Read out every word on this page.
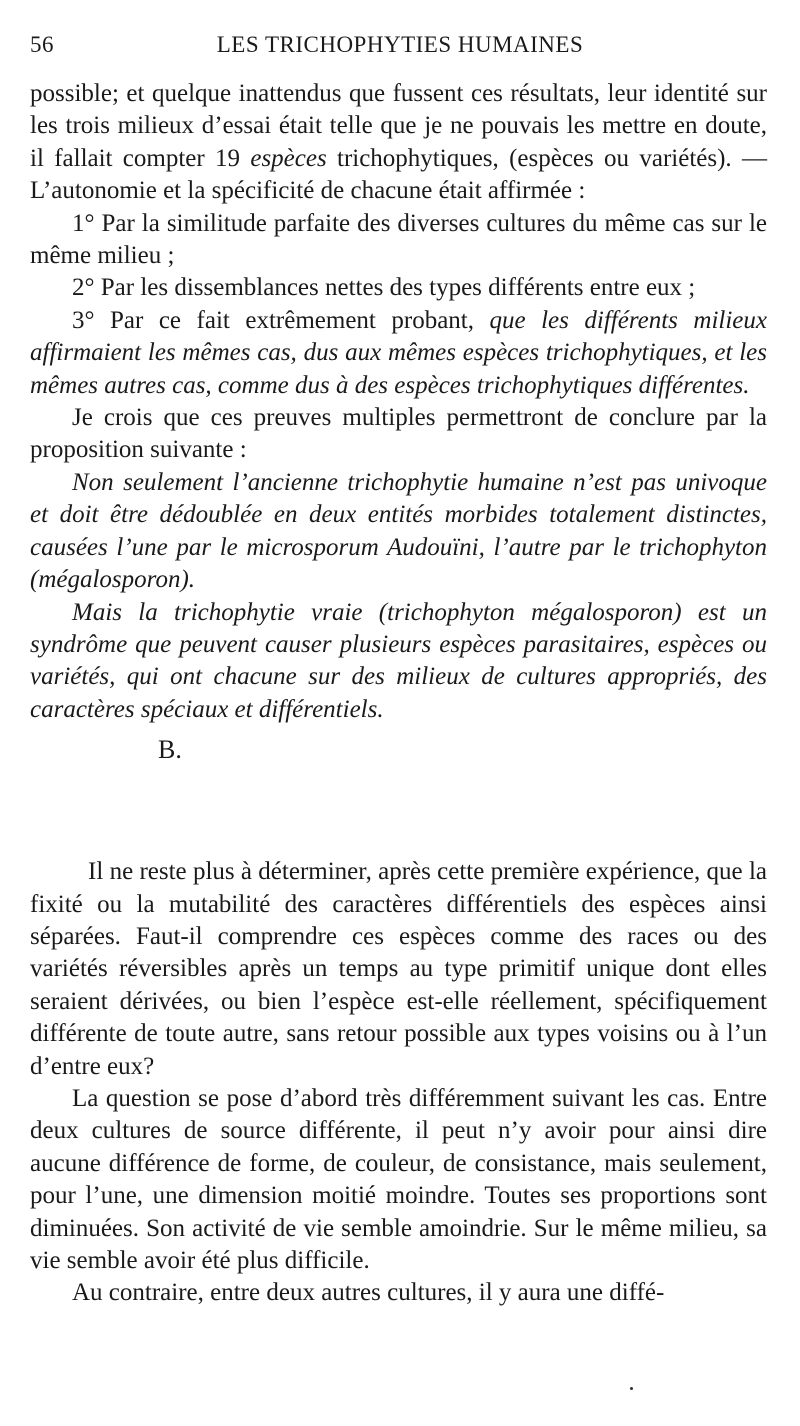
56	LES TRICHOPHYTIES HUMAINES

possible; et quelque inattendus que fussent ces résultats, leur identité sur les trois milieux d’essai était telle que je ne pouvais les mettre en doute, il fallait compter 19 espèces trichophytiques, (espèces ou variétés). — L’autonomie et la spécificité de chacune était affirmée :

1° Par la similitude parfaite des diverses cultures du même cas sur le même milieu ;

2° Par les dissemblances nettes des types différents entre eux ;

3° Par ce fait extrêmement probant, que les différents milieux affirmaient les mêmes cas, dus aux mêmes espèces trichophytiques, et les mêmes autres cas, comme dus à des espèces trichophytiques différentes.

Je crois que ces preuves multiples permettront de conclure par la proposition suivante :

Non seulement l’ancienne trichophytie humaine n’est pas univoque et doit être dédoublée en deux entités morbides totalement distinctes, causées l’une par le microsporum Audouïni, l’autre par le trichophyton (mégalosporon).

Mais la trichophytie vraie (trichophyton mégalosporon) est un syndrôme que peuvent causer plusieurs espèces parasitaires, espèces ou variétés, qui ont chacune sur des milieux de cultures appropriés, des caractères spéciaux et différentiels.

B.

Il ne reste plus à déterminer, après cette première expérience, que la fixité ou la mutabilité des caractères différentiels des espèces ainsi séparées. Faut-il comprendre ces espèces comme des races ou des variétés réversibles après un temps au type primitif unique dont elles seraient dérivées, ou bien l’espèce est-elle réellement, spécifiquement différente de toute autre, sans retour possible aux types voisins ou à l’un d’entre eux?

La question se pose d’abord très différemment suivant les cas. Entre deux cultures de source différente, il peut n’y avoir pour ainsi dire aucune différence de forme, de couleur, de consistance, mais seulement, pour l’une, une dimension moitié moindre. Toutes ses proportions sont diminuées. Son activité de vie semble amoindrie. Sur le même milieu, sa vie semble avoir été plus difficile.

Au contraire, entre deux autres cultures, il y aura une diffé-
